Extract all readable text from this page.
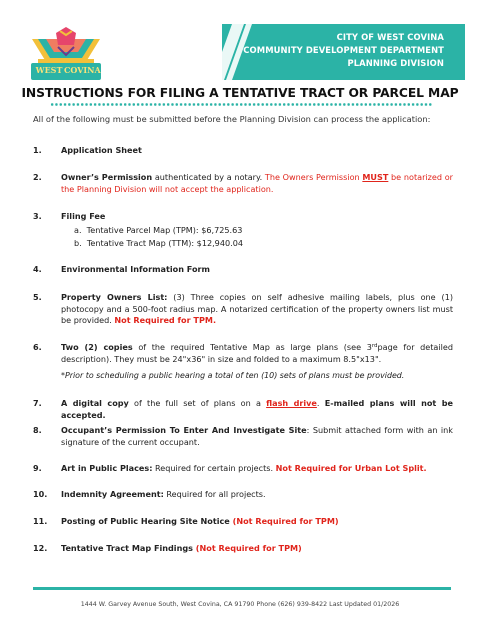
CITY OF WEST COVINA
COMMUNITY DEVELOPMENT DEPARTMENT
PLANNING DIVISION
WEST COVINA
INSTRUCTIONS FOR FILING A TENTATIVE TRACT OR PARCEL MAP
All of the following must be submitted before the Planning Division can process the application:
1. Application Sheet
2. Owner’s Permission authenticated by a notary. The Owners Permission MUST be notarized or the Planning Division will not accept the application.
3. Filing Fee
a.  Tentative Parcel Map (TPM): $6,725.63
b.  Tentative Tract Map (TTM): $12,940.04
4. Environmental Information Form
5. Property Owners List: (3) Three copies on self adhesive mailing labels, plus one (1) photocopy and a 500-foot radius map. A notarized certification of the property owners list must be provided. Not Required for TPM.
6. Two (2) copies of the required Tentative Map as large plans (see 3rdpage for detailed description). They must be 24"x36" in size and folded to a maximum 8.5"x13".
*Prior to scheduling a public hearing a total of ten (10) sets of plans must be provided.
7. A digital copy of the full set of plans on a flash drive. E-mailed plans will not be accepted.
8. Occupant’s Permission To Enter And Investigate Site: Submit attached form with an ink signature of the current occupant.
9. Art in Public Places: Required for certain projects. Not Required for Urban Lot Split.
10. Indemnity Agreement: Required for all projects.
11. Posting of Public Hearing Site Notice (Not Required for TPM)
12. Tentative Tract Map Findings (Not Required for TPM)
1444 W. Garvey Avenue South, West Covina, CA 91790 Phone (626) 939-8422 Last Updated 01/2026
